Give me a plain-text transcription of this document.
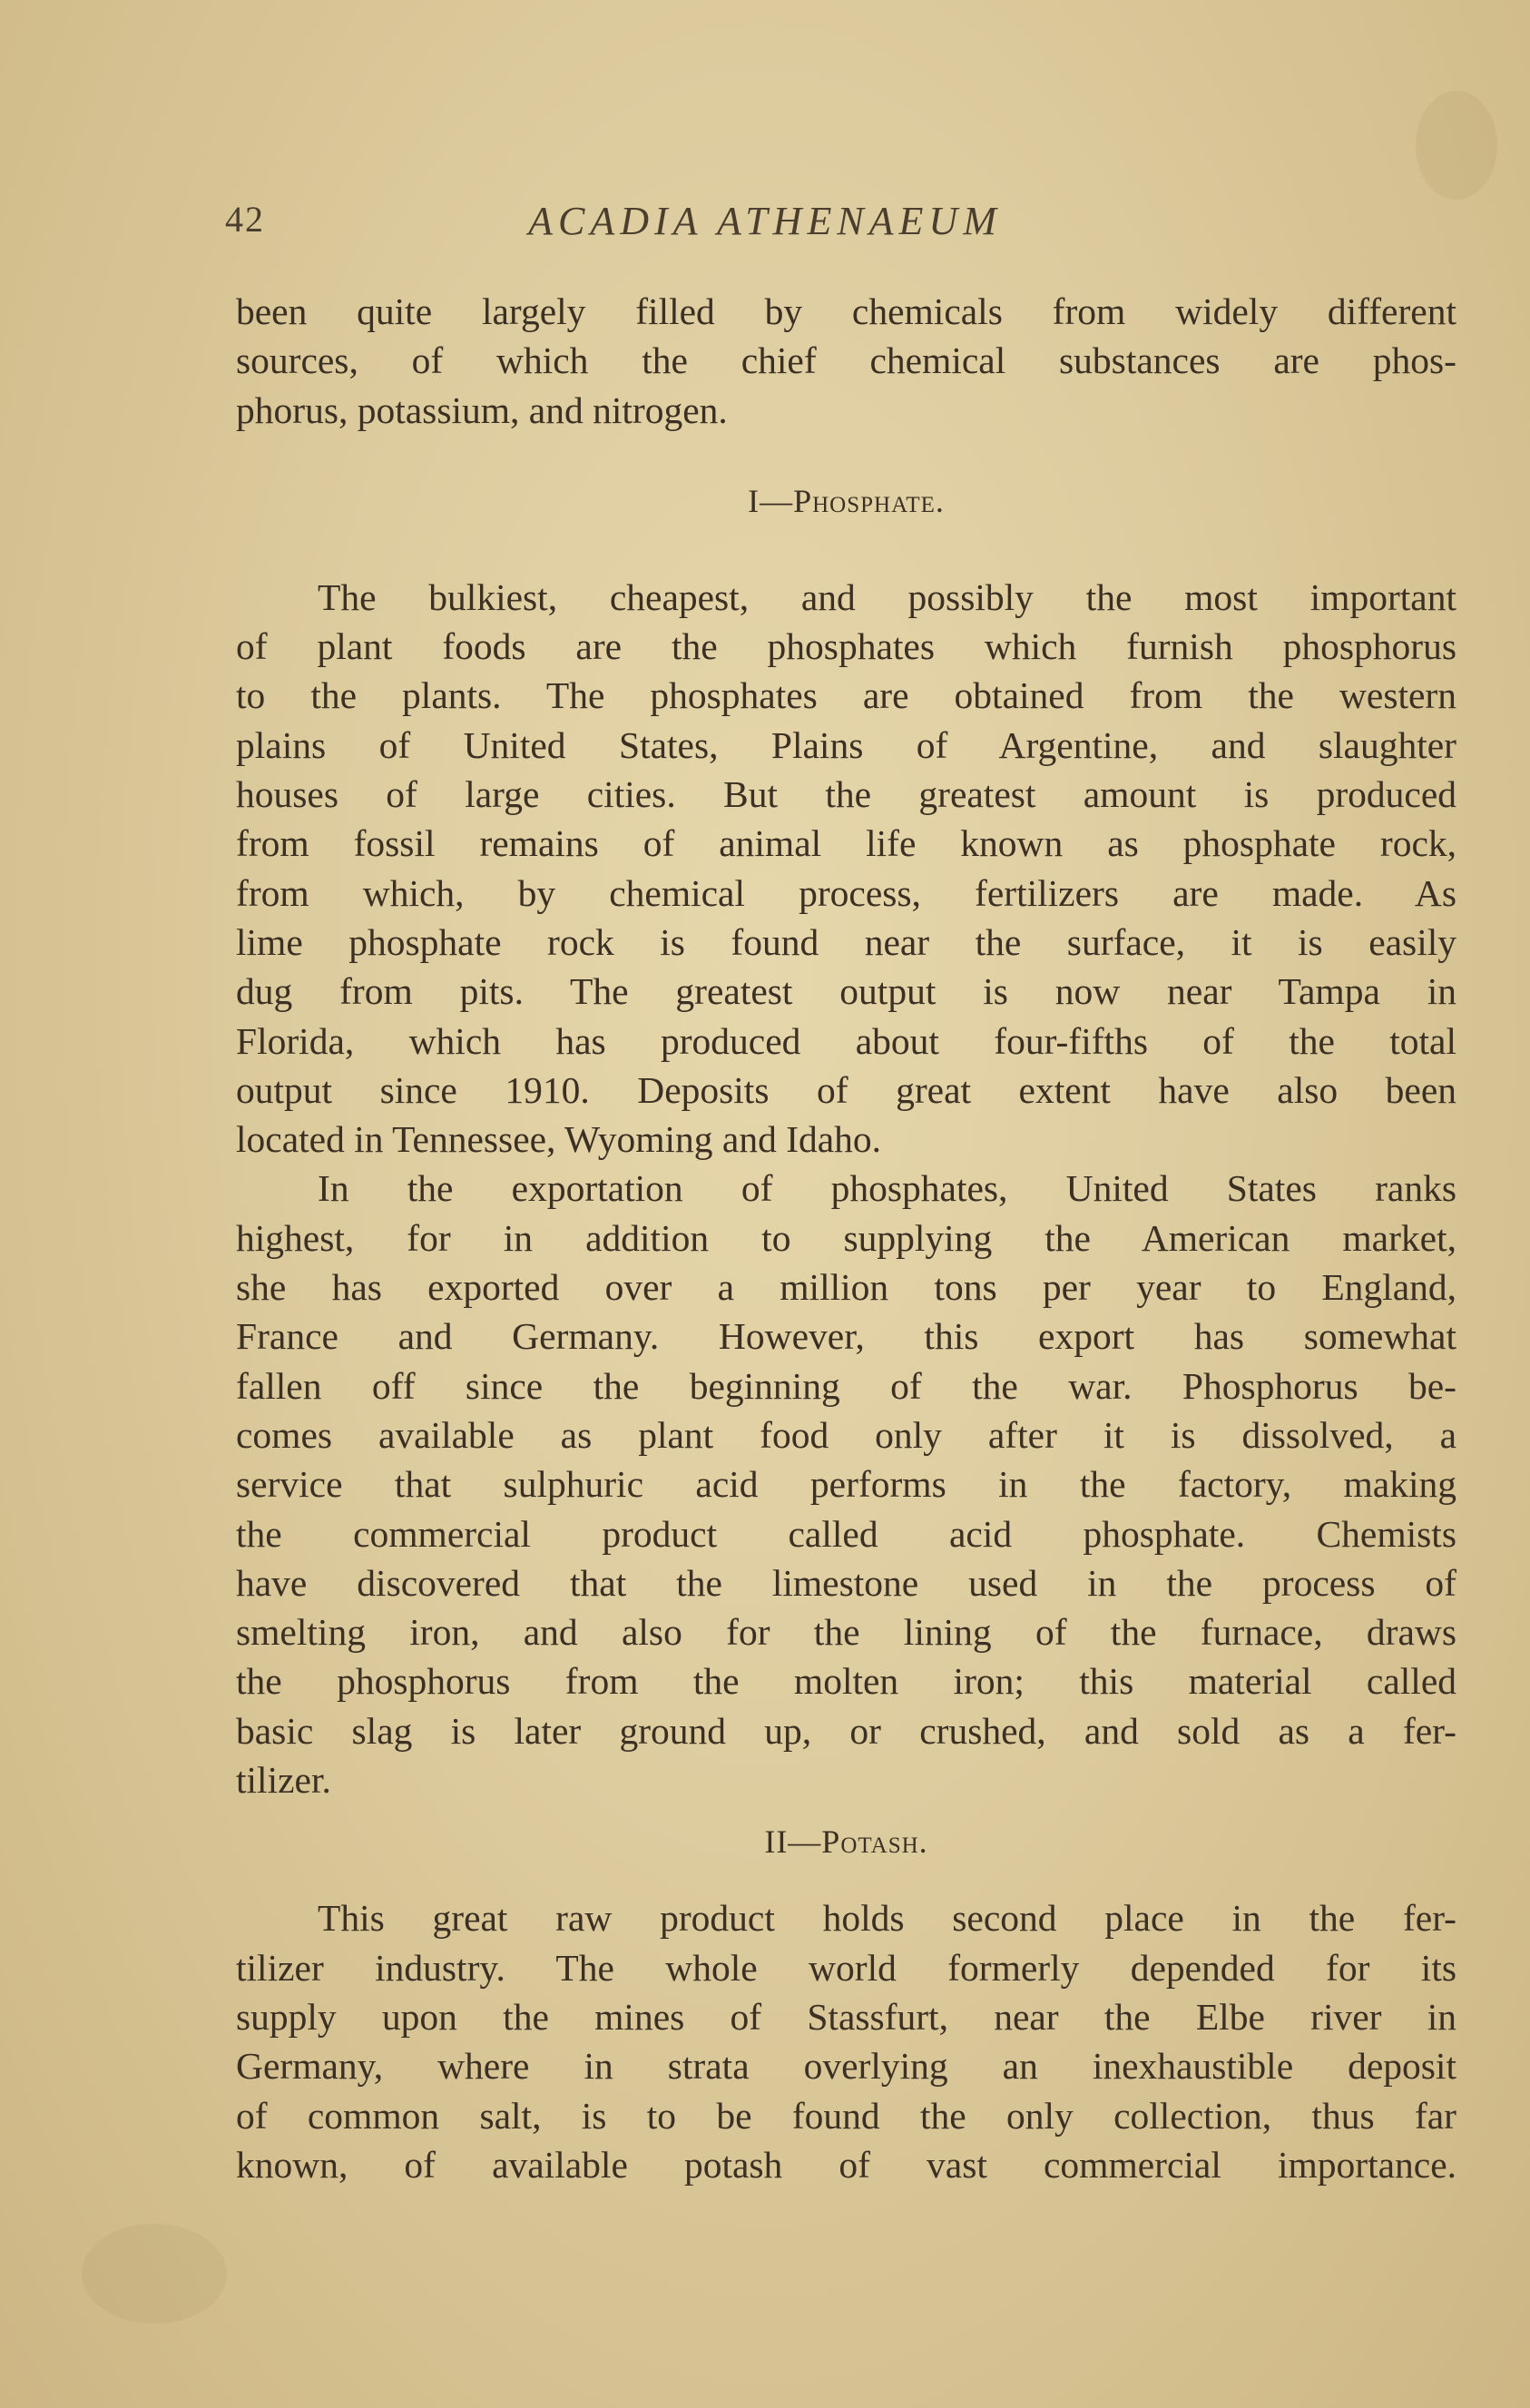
42	ACADIA ATHENAEUM
been quite largely filled by chemicals from widely different
sources, of which the chief chemical substances are phos-
phorus, potassium, and nitrogen.
I—Phosphate.
The bulkiest, cheapest, and possibly the most important
of plant foods are the phosphates which furnish phosphorus
to the plants. The phosphates are obtained from the western
plains of United States, Plains of Argentine, and slaughter
houses of large cities. But the greatest amount is produced
from fossil remains of animal life known as phosphate rock,
from which, by chemical process, fertilizers are made. As
lime phosphate rock is found near the surface, it is easily
dug from pits. The greatest output is now near Tampa in
Florida, which has produced about four-fifths of the total
output since 1910. Deposits of great extent have also been
located in Tennessee, Wyoming and Idaho.
In the exportation of phosphates, United States ranks
highest, for in addition to supplying the American market,
she has exported over a million tons per year to England,
France and Germany. However, this export has somewhat
fallen off since the beginning of the war. Phosphorus be-
comes available as plant food only after it is dissolved, a
service that sulphuric acid performs in the factory, making
the commercial product called acid phosphate. Chemists
have discovered that the limestone used in the process of
smelting iron, and also for the lining of the furnace, draws
the phosphorus from the molten iron; this material called
basic slag is later ground up, or crushed, and sold as a fer-
tilizer.
II—Potash.
This great raw product holds second place in the fer-
tilizer industry. The whole world formerly depended for its
supply upon the mines of Stassfurt, near the Elbe river in
Germany, where in strata overlying an inexhaustible deposit
of common salt, is to be found the only collection, thus far
known, of available potash of vast commercial importance.
